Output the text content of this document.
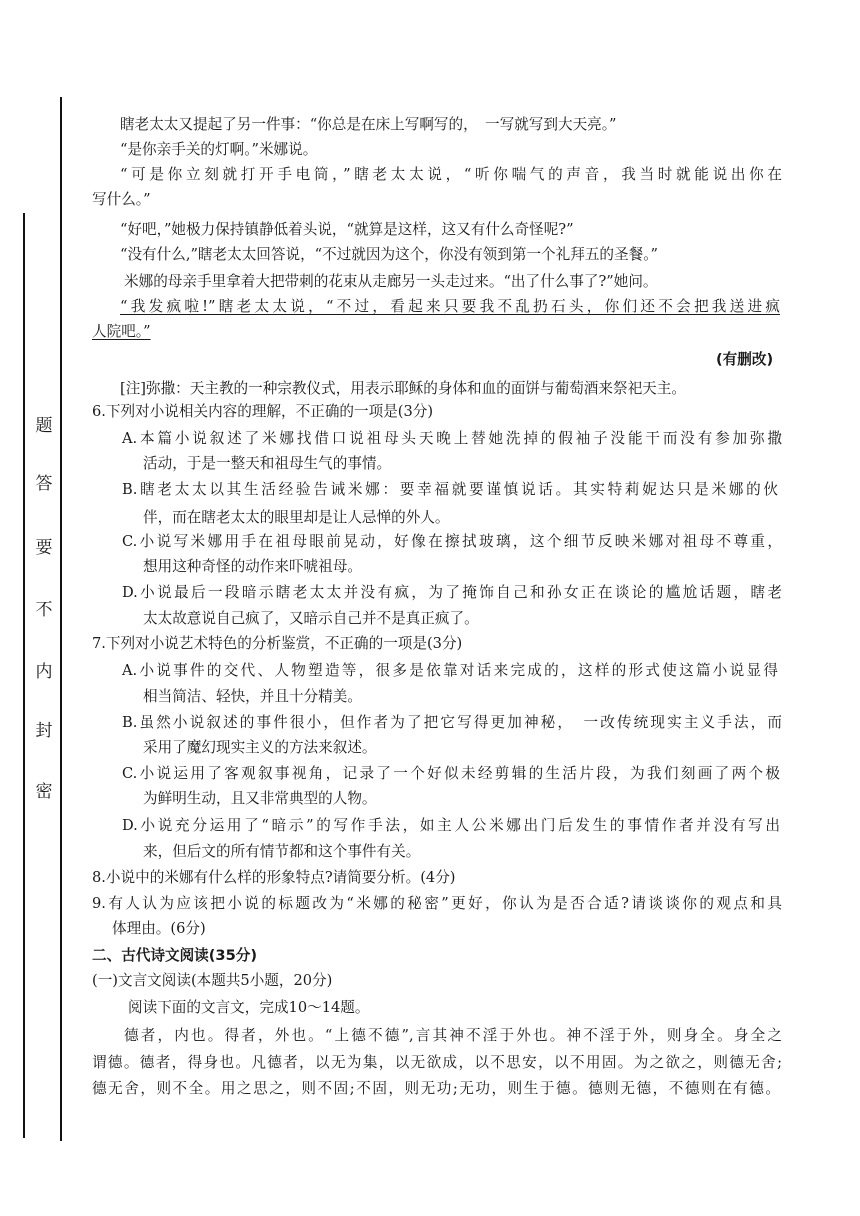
题
答
要
不
内
封
密
瞎老太太又提起了另一件事：“你总是在床上写啊写的，　一写就写到大天亮。”
“是你亲手关的灯啊。”米娜说。
“可是你立刻就打开手电筒，”瞎老太太说，“听你喘气的声音，我当时就能说出你在
写什么。”
“好吧，”她极力保持镇静低着头说，“就算是这样，这又有什么奇怪呢?”
“没有什么,”瞎老太太回答说，“不过就因为这个，你没有领到第一个礼拜五的圣餐。”
米娜的母亲手里拿着大把带刺的花束从走廊另一头走过来。“出了什么事了?”她问。
“我发疯啦!”瞎老太太说，“不过，看起来只要我不乱扔石头，你们还不会把我送进疯
人院吧。”
(有删改)
[注]弥撒：天主教的一种宗教仪式，用表示耶稣的身体和血的面饼与葡萄酒来祭祀天主。
6.下列对小说相关内容的理解，不正确的一项是(3分)
A.本篇小说叙述了米娜找借口说祖母头天晚上替她洗掉的假袖子没能干而没有参加弥撒
活动，于是一整天和祖母生气的事情。
B.瞎老太太以其生活经验告诫米娜：要幸福就要谨慎说话。其实特莉妮达只是米娜的伙
伴，而在瞎老太太的眼里却是让人忌惮的外人。
C.小说写米娜用手在祖母眼前晃动，好像在擦拭玻璃，这个细节反映米娜对祖母不尊重，
想用这种奇怪的动作来吓唬祖母。
D.小说最后一段暗示瞎老太太并没有疯，为了掩饰自己和孙女正在谈论的尴尬话题，瞎老
太太故意说自己疯了，又暗示自己并不是真正疯了。
7.下列对小说艺术特色的分析鉴赏，不正确的一项是(3分)
A.小说事件的交代、人物塑造等，很多是依靠对话来完成的，这样的形式使这篇小说显得
相当简洁、轻快，并且十分精美。
B.虽然小说叙述的事件很小，但作者为了把它写得更加神秘，　一改传统现实主义手法，而
采用了魔幻现实主义的方法来叙述。
C.小说运用了客观叙事视角，记录了一个好似未经剪辑的生活片段，为我们刻画了两个极
为鲜明生动，且又非常典型的人物。
D.小说充分运用了“暗示”的写作手法，如主人公米娜出门后发生的事情作者并没有写出
来，但后文的所有情节都和这个事件有关。
8.小说中的米娜有什么样的形象特点?请简要分析。(4分)
9.有人认为应该把小说的标题改为“米娜的秘密”更好，你认为是否合适?请谈谈你的观点和具
体理由。(6分)
二、古代诗文阅读(35分)
(一)文言文阅读(本题共5小题，20分)
阅读下面的文言文，完成10～14题。
德者，内也。得者，外也。“上德不德”,言其神不淫于外也。神不淫于外，则身全。身全之
谓德。德者，得身也。凡德者，以无为集，以无欲成，以不思安，以不用固。为之欲之，则德无舍;
德无舍，则不全。用之思之，则不固;不固，则无功;无功，则生于德。德则无德，不德则在有德。
